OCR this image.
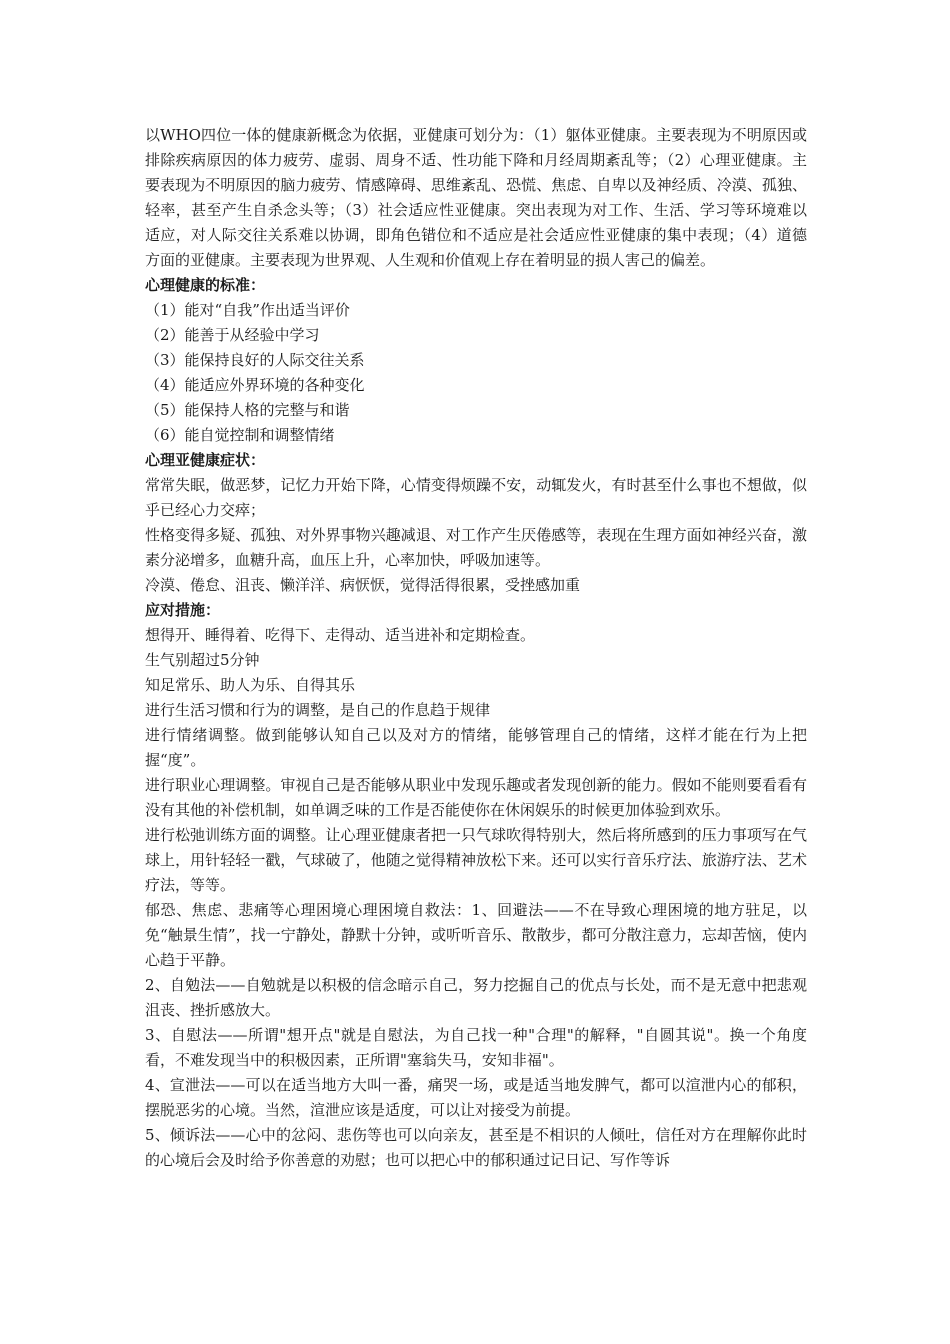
以WHO四位一体的健康新概念为依据，亚健康可划分为：（1）躯体亚健康。主要表现为不明原因或排除疾病原因的体力疲劳、虚弱、周身不适、性功能下降和月经周期紊乱等；（2）心理亚健康。主要表现为不明原因的脑力疲劳、情感障碍、思维紊乱、恐慌、焦虑、自卑以及神经质、冷漠、孤独、轻率，甚至产生自杀念头等；（3）社会适应性亚健康。突出表现为对工作、生活、学习等环境难以适应，对人际交往关系难以协调，即角色错位和不适应是社会适应性亚健康的集中表现；（4）道德方面的亚健康。主要表现为世界观、人生观和价值观上存在着明显的损人害己的偏差。

心理健康的标准：

（1）能对“自我”作出适当评价

（2）能善于从经验中学习

（3）能保持良好的人际交往关系

（4）能适应外界环境的各种变化

（5）能保持人格的完整与和谐

（6）能自觉控制和调整情绪

心理亚健康症状：

常常失眠，做恶梦，记忆力开始下降，心情变得烦躁不安，动辄发火，有时甚至什么事也不想做，似乎已经心力交瘁；

性格变得多疑、孤独、对外界事物兴趣减退、对工作产生厌倦感等，表现在生理方面如神经兴奋，激素分泌增多，血糖升高，血压上升，心率加快，呼吸加速等。

冷漠、倦怠、沮丧、懒洋洋、病恹恹，觉得活得很累，受挫感加重

应对措施：

想得开、睡得着、吃得下、走得动、适当进补和定期检查。

生气别超过5分钟

知足常乐、助人为乐、自得其乐

进行生活习惯和行为的调整，是自己的作息趋于规律

进行情绪调整。做到能够认知自己以及对方的情绪，能够管理自己的情绪，这样才能在行为上把握“度”。

进行职业心理调整。审视自己是否能够从职业中发现乐趣或者发现创新的能力。假如不能则要看看有没有其他的补偿机制，如单调乏味的工作是否能使你在休闲娱乐的时候更加体验到欢乐。

进行松弛训练方面的调整。让心理亚健康者把一只气球吹得特别大，然后将所感到的压力事项写在气球上，用针轻轻一戳，气球破了，他随之觉得精神放松下来。还可以实行音乐疗法、旅游疗法、艺术疗法，等等。

郁恐、焦虑、悲痛等心理困境心理困境自救法：1、回避法——不在导致心理困境的地方驻足，以免“触景生情”，找一宁静处，静默十分钟，或听听音乐、散散步，都可分散注意力，忘却苦恼，使内心趋于平静。

2、自勉法——自勉就是以积极的信念暗示自己，努力挖掘自己的优点与长处，而不是无意中把悲观沮丧、挫折感放大。

3、自慰法——所谓"想开点"就是自慰法，为自己找一种"合理"的解释，"自圆其说"。换一个角度看，不难发现当中的积极因素，正所谓"塞翁失马，安知非福"。

4、宣泄法——可以在适当地方大叫一番，痛哭一场，或是适当地发脾气，都可以渲泄内心的郁积，摆脱恶劣的心境。当然，渲泄应该是适度，可以让对接受为前提。

5、倾诉法——心中的忿闷、悲伤等也可以向亲友，甚至是不相识的人倾吐，信任对方在理解你此时的心境后会及时给予你善意的劝慰；也可以把心中的郁积通过记日记、写作等诉
